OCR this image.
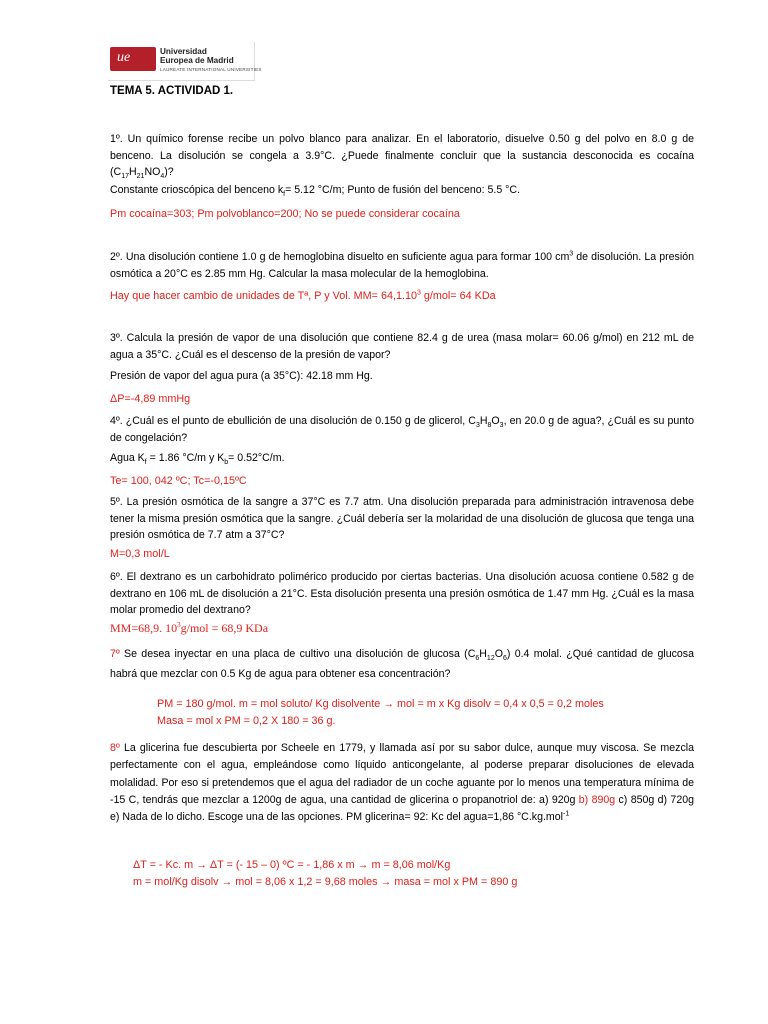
ue	Universidad
Europea de Madrid
LAUREATE INTERNATIONAL UNIVERSITIES
TEMA 5. ACTIVIDAD 1.
1º. Un químico forense recibe un polvo blanco para analizar. En el laboratorio, disuelve 0.50 g del polvo en 8.0 g de benceno. La disolución se congela a 3.9°C. ¿Puede finalmente concluir que la sustancia desconocida es cocaína $(C_{17}H_{21}NO_4)$?
Constante crioscópica del benceno $k_f= 5.12$ °C/m; Punto de fusión del benceno: 5.5 °C.
Pm cocaína=303; Pm polvoblanco=200; No se puede considerar cocaína
2º. Una disolución contiene 1.0 g de hemoglobina disuelto en suficiente agua para formar 100 $cm^3$ de disolución. La presión osmótica a 20°C es 2.85 mm Hg. Calcular la masa molecular de la hemoglobina.
Hay que hacer cambio de unidades de Tª, P y Vol. $MM= 64,1.10^3$ g/mol= 64 KDa
3º. Calcula la presión de vapor de una disolución que contiene 82.4 g de urea (masa molar= 60.06 g/mol) en 212 mL de agua a 35°C. ¿Cuál es el descenso de la presión de vapor?
Presión de vapor del agua pura (a 35°C): 42.18 mm Hg.
ΔP=-4,89 mmHg
4º. ¿Cuál es el punto de ebullición de una disolución de 0.150 g de glicerol, $C_3H_8O_3$, en 20.0 g de agua?, ¿Cuál es su punto de congelación?
Agua $K_f = 1.86$ °C/m y $K_b= 0.52^\circ C/m$.
Te= 100, 042 ºC; Tc=-0,15ºC
5º. La presión osmótica de la sangre a 37°C es 7.7 atm. Una disolución preparada para administración intravenosa debe tener la misma presión osmótica que la sangre. ¿Cuál debería ser la molaridad de una disolución de glucosa que tenga una presión osmótica de 7.7 atm a 37°C?
M=0,3 mol/L
6º. El dextrano es un carbohidrato polimérico producido por ciertas bacterias. Una disolución acuosa contiene 0.582 g de dextrano en 106 mL de disolución a 21°C. Esta disolución presenta una presión osmótica de 1.47 mm Hg. ¿Cuál es la masa molar promedio del dextrano?
MM=68,9. $10^3g$/mol = 68,9 KDa
7º Se desea inyectar en una placa de cultivo una disolución de glucosa $(C_6H_{12}O_6)$ 0.4 molal. ¿Qué cantidad de glucosa habrá que mezclar con 0.5 Kg de agua para obtener esa concentración?
PM = 180 g/mol. m = mol soluto/ Kg disolvente → mol = m x Kg disolv = 0,4 x 0,5 = 0,2 moles
Masa = mol x PM = 0,2 X 180 = 36 g.
8º La glicerina fue descubierta por Scheele en 1779, y llamada así por su sabor dulce, aunque muy viscosa. Se mezcla perfectamente con el agua, empleándose como líquido anticongelante, al poderse preparar disoluciones de elevada molalidad. Por eso si pretendemos que el agua del radiador de un coche aguante por lo menos una temperatura mínima de -15 C, tendrás que mezclar a 1200g de agua, una cantidad de glicerina o propanotriol de: a) 920g b) 890g c) 850g d) 720g e) Nada de lo dicho. Escoge una de las opciones. PM glicerina= 92: Kc del agua=1,86 °C.kg.mol$^{-1}$
ΔT = - Kc. m → ΔT = (- 15 – 0) ºC = - 1,86 x m → m = 8,06 mol/Kg
m = mol/Kg disolv → mol = 8,06 x 1,2 = 9,68 moles → masa = mol x PM = 890 g
